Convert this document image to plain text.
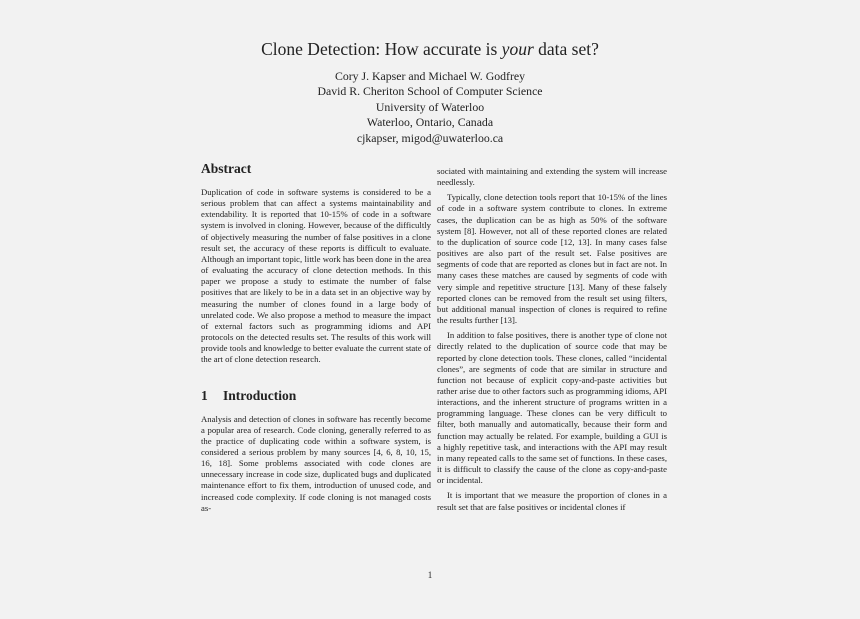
Clone Detection: How accurate is your data set?
Cory J. Kapser and Michael W. Godfrey
David R. Cheriton School of Computer Science
University of Waterloo
Waterloo, Ontario, Canada
cjkapser, migod@uwaterloo.ca
Abstract

Duplication of code in software systems is considered to be a serious problem that can affect a systems maintainability and extendability. It is reported that 10-15% of code in a software system is involved in cloning. However, because of the difficultly of objectively measuring the number of false positives in a clone result set, the accuracy of these reports is difficult to evaluate. Although an important topic, little work has been done in the area of evaluating the accuracy of clone detection methods. In this paper we propose a study to estimate the number of false positives that are likely to be in a data set in an objective way by measuring the number of clones found in a large body of unrelated code. We also propose a method to measure the impact of external factors such as programming idioms and API protocols on the detected results set. The results of this work will provide tools and knowledge to better evaluate the current state of the art of clone detection research.

1 Introduction

Analysis and detection of clones in software has recently become a popular area of research. Code cloning, generally referred to as the practice of duplicating code within a software system, is considered a serious problem by many sources [4, 6, 8, 10, 15, 16, 18]. Some problems associated with code clones are unnecessary increase in code size, duplicated bugs and duplicated maintenance effort to fix them, introduction of unused code, and increased code complexity. If code cloning is not managed costs as-

sociated with maintaining and extending the system will increase needlessly.

Typically, clone detection tools report that 10-15% of the lines of code in a software system contribute to clones. In extreme cases, the duplication can be as high as 50% of the software system [8]. However, not all of these reported clones are related to the duplication of source code [12, 13]. In many cases false positives are also part of the result set. False positives are segments of code that are reported as clones but in fact are not. In many cases these matches are caused by segments of code with very simple and repetitive structure [13]. Many of these falsely reported clones can be removed from the result set using filters, but additional manual inspection of clones is required to refine the results further [13].

In addition to false positives, there is another type of clone not directly related to the duplication of source code that may be reported by clone detection tools. These clones, called “incidental clones”, are segments of code that are similar in structure and function not because of explicit copy-and-paste activities but rather arise due to other factors such as programming idioms, API interactions, and the inherent structure of programs written in a programming language. These clones can be very difficult to filter, both manually and automatically, because their form and function may actually be related. For example, building a GUI is a highly repetitive task, and interactions with the API may result in many repeated calls to the same set of functions. In these cases, it is difficult to classify the cause of the clone as copy-and-paste or incidental.

It is important that we measure the proportion of clones in a result set that are false positives or incidental clones if

1
